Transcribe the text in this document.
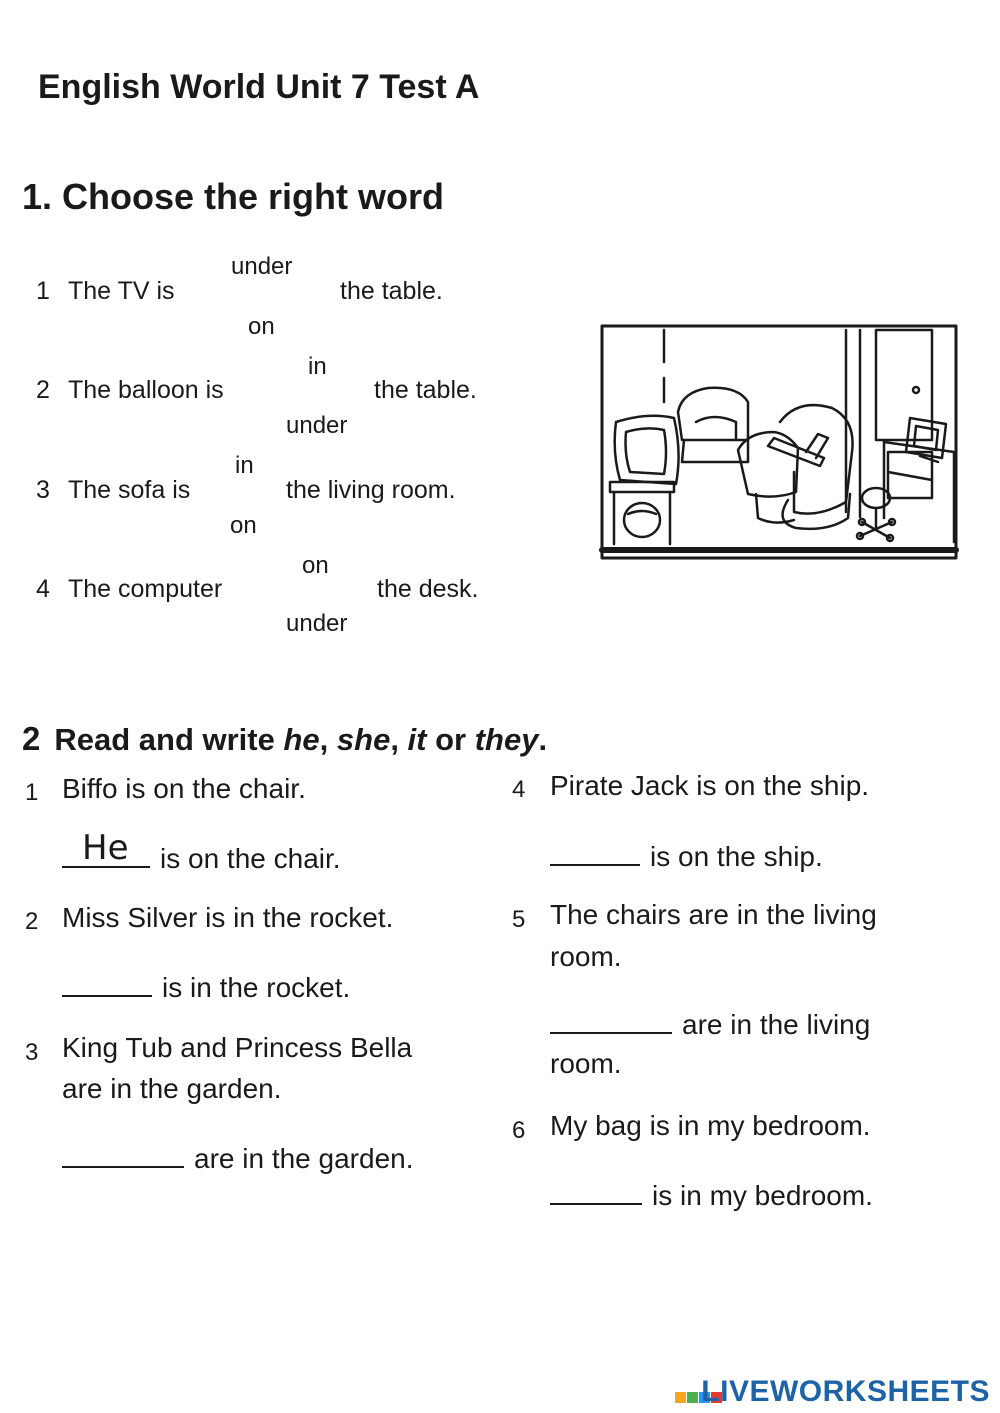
English World Unit 7 Test A
1. Choose the right word
1 The TV is
under
on
the table.
2 The balloon is
in
under
the table.
3 The sofa is
in
on
the living room.
4 The computer
on
under
the desk.
2 Read and write he, she, it or they.
1 Biffo is on the chair.
He is on the chair.
2 Miss Silver is in the rocket.
is in the rocket.
3 King Tub and Princess Bella
are in the garden.
are in the garden.
4 Pirate Jack is on the ship.
is on the ship.
5 The chairs are in the living
room.
are in the living
room.
6 My bag is in my bedroom.
is in my bedroom.
LIVEWORKSHEETS
